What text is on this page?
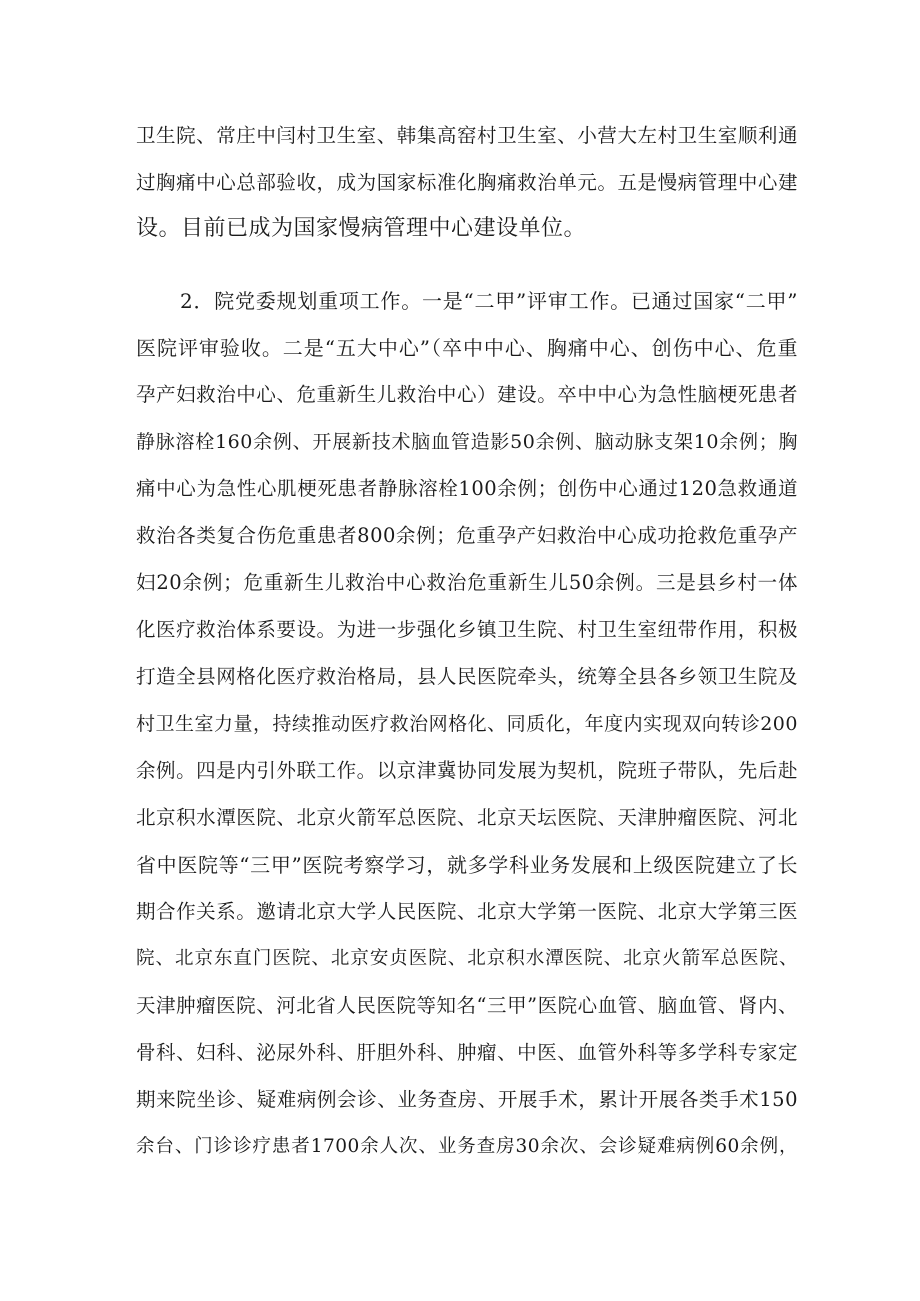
卫生院、常庄中闫村卫生室、韩集高窑村卫生室、小营大左村卫生室顺利通

过胸痛中心总部验收，成为国家标准化胸痛救治单元。五是慢病管理中心建

设。目前已成为国家慢病管理中心建设单位。

2．院党委规划重项工作。一是“二甲”评审工作。已通过国家“二甲”

医院评审验收。二是“五大中心”（卒中中心、胸痛中心、创伤中心、危重

孕产妇救治中心、危重新生儿救治中心）建设。卒中中心为急性脑梗死患者

静脉溶栓160余例、开展新技术脑血管造影50余例、脑动脉支架10余例；胸

痛中心为急性心肌梗死患者静脉溶栓100余例；创伤中心通过120急救通道

救治各类复合伤危重患者800余例；危重孕产妇救治中心成功抢救危重孕产

妇20余例；危重新生儿救治中心救治危重新生儿50余例。三是县乡村一体

化医疗救治体系要设。为进一步强化乡镇卫生院、村卫生室纽带作用，积极

打造全县网格化医疗救治格局，县人民医院牵头，统筹全县各乡领卫生院及

村卫生室力量，持续推动医疗救治网格化、同质化，年度内实现双向转诊200

余例。四是内引外联工作。以京津冀协同发展为契机，院班子带队，先后赴

北京积水潭医院、北京火箭军总医院、北京天坛医院、天津肿瘤医院、河北

省中医院等“三甲”医院考察学习，就多学科业务发展和上级医院建立了长

期合作关系。邀请北京大学人民医院、北京大学第一医院、北京大学第三医

院、北京东直门医院、北京安贞医院、北京积水潭医院、北京火箭军总医院、

天津肿瘤医院、河北省人民医院等知名“三甲”医院心血管、脑血管、肾内、

骨科、妇科、泌尿外科、肝胆外科、肿瘤、中医、血管外科等多学科专家定

期来院坐诊、疑难病例会诊、业务查房、开展手术，累计开展各类手术150

余台、门诊诊疗患者1700余人次、业务查房30余次、会诊疑难病例60余例，
